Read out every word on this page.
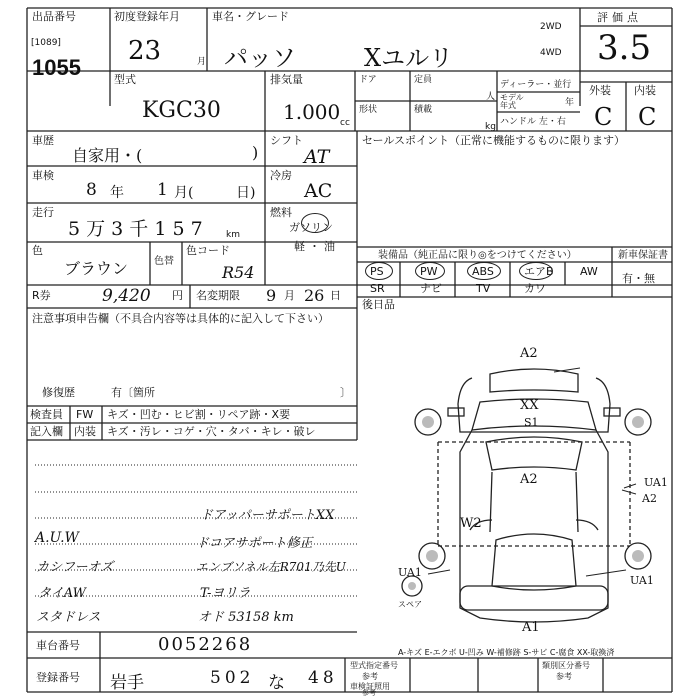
出品番号
[1089]
1055
初度登録年月
23	月
車名・グレード
パッソ	Xユルリ
2WD
4WD
評価点
3.5
型式
KGC30
排気量
1.000 cc
ドア	定員
人
形状	積載
kg
ディーラー・並行
モデル
年式	年
ハンドル 左・右
外装 内装
C C
車歴
自家用・(	)
シフト
AT
セールスポイント（正常に機能するものに限ります）
車検
8 年 1 月(	日)
冷房
AC
走行
5 万 3 千 1 5 7	km
燃料
ガソリン
軽・油
色
ブラウン	色替
色コード
R54
装備品（純正品に限り◎をつけてください）	新車保証書
有・無
PS	PW	ABS	エアB AW
SR	ナビ	TV	カワ
R券	9,420 円 名変期限 9 月 26 日
後日品
注意事項申告欄（不具合内容等は具体的に記入して下さい）
修復歴	有〔箇所	〕
検査員
記入欄
FW キズ・凹む・ヒビ割・リペア跡・X要
内装 キズ・汚レ・コゲ・穴・タバ・キレ・破レ
ドアッパーサポートXX
A.U.W	ドコアサポート修正
カシフーオズ	エンブソネル左R701乃先U
タイAW	T-ヨリラ
スタドレス	オド 53158 km
A2
XX
S1
A2
W2
UA1
A2
UA1
UA1
A1
スペア
A-キズ E-エクボ U-凹み W-補修跡 S-サビ C-腐食 XX-取換済
車台番号	0052268
登録番号 岩手	502 な 48
型式指定番号
参考
車検証照用
参考
類別区分番号
参考
